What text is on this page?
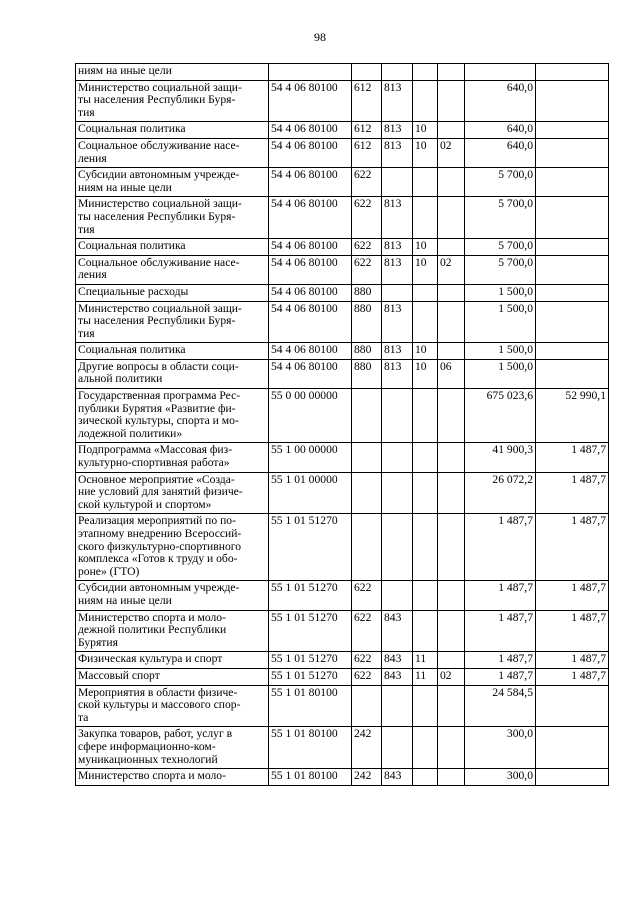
98
ниям на иные цели							
Министерство социальной защи-
ты населения Республики Буря-
тия	54 4 06 80100	612	813			640,0	
Социальная политика	54 4 06 80100	612	813	10		640,0	
Социальное обслуживание насе-
ления	54 4 06 80100	612	813	10	02	640,0	
Субсидии автономным учрежде-
ниям на иные цели	54 4 06 80100	622				5 700,0	
Министерство социальной защи-
ты населения Республики Буря-
тия	54 4 06 80100	622	813			5 700,0	
Социальная политика	54 4 06 80100	622	813	10		5 700,0	
Социальное обслуживание насе-
ления	54 4 06 80100	622	813	10	02	5 700,0	
Специальные расходы	54 4 06 80100	880				1 500,0	
Министерство социальной защи-
ты населения Республики Буря-
тия	54 4 06 80100	880	813			1 500,0	
Социальная политика	54 4 06 80100	880	813	10		1 500,0	
Другие вопросы в области соци-
альной политики	54 4 06 80100	880	813	10	06	1 500,0	
Государственная программа Рес-
публики Бурятия «Развитие фи-
зической культуры, спорта и мо-
лодежной политики»	55 0 00 00000					675 023,6	52 990,1
Подпрограмма «Массовая физ-
культурно-спортивная работа»	55 1 00 00000					41 900,3	1 487,7
Основное мероприятие «Созда-
ние условий для занятий физиче-
ской культурой и спортом»	55 1 01 00000					26 072,2	1 487,7
Реализация мероприятий по по-
этапному внедрению Всероссий-
ского физкультурно-спортивного
комплекса «Готов к труду и обо-
роне» (ГТО)	55 1 01 51270					1 487,7	1 487,7
Субсидии автономным учрежде-
ниям на иные цели	55 1 01 51270	622				1 487,7	1 487,7
Министерство спорта и моло-
дежной политики Республики
Бурятия	55 1 01 51270	622	843			1 487,7	1 487,7
Физическая культура и спорт	55 1 01 51270	622	843	11		1 487,7	1 487,7
Массовый спорт	55 1 01 51270	622	843	11	02	1 487,7	1 487,7
Мероприятия в области физиче-
ской культуры и массового спор-
та	55 1 01 80100					24 584,5	
Закупка товаров, работ, услуг в
сфере информационно-ком-
муникационных технологий	55 1 01 80100	242				300,0	
Министерство спорта и моло-	55 1 01 80100	242	843			300,0	
